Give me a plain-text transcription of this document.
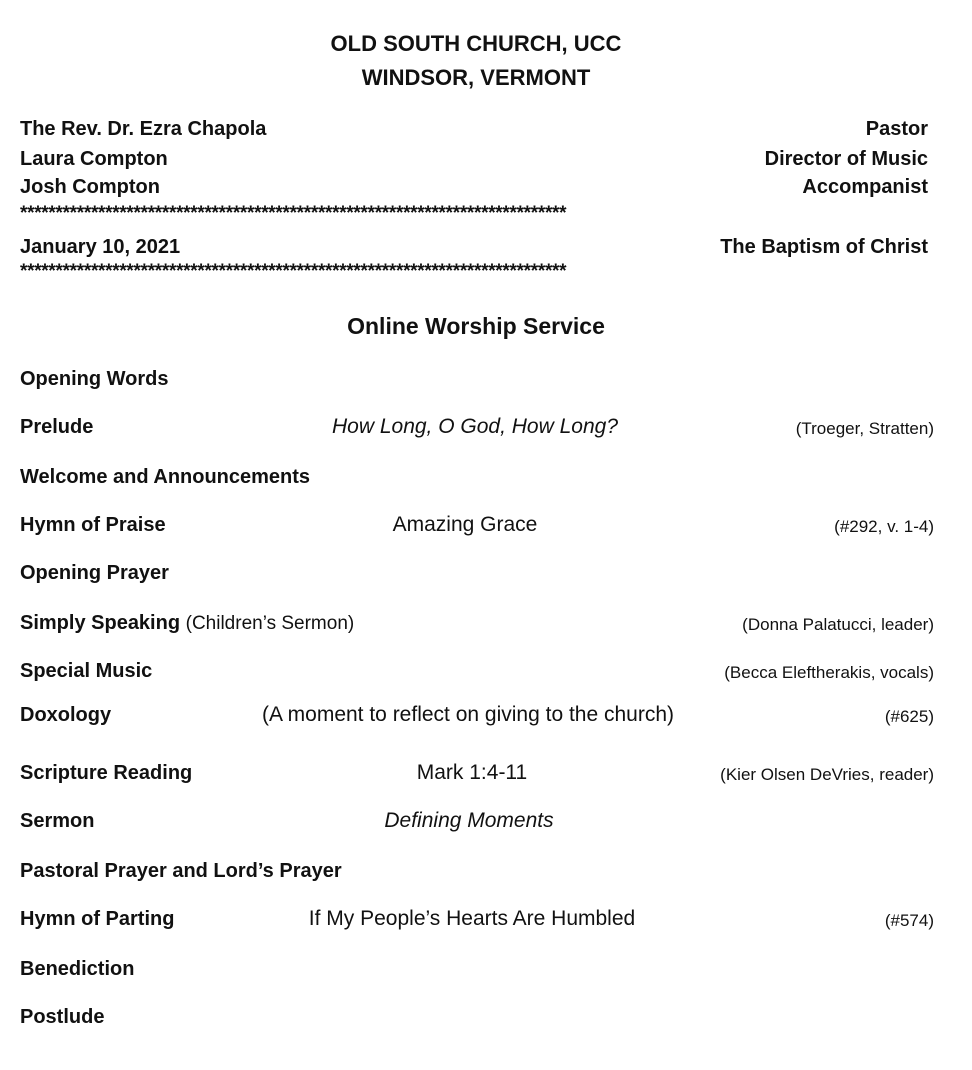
OLD SOUTH CHURCH, UCC
WINDSOR, VERMONT
The Rev. Dr. Ezra Chapola	Pastor
Laura Compton	Director of Music
Josh Compton	Accompanist
*****************************************************************************
January 10, 2021	The Baptism of Christ
*****************************************************************************
Online Worship Service
Opening Words
Prelude	How Long, O God, How Long?	(Troeger, Stratten)
Welcome and Announcements
Hymn of Praise	Amazing Grace	(#292, v. 1-4)
Opening Prayer
Simply Speaking (Children’s Sermon)	(Donna Palatucci, leader)
Special Music	(Becca Eleftherakis, vocals)
Doxology	(A moment to reflect on giving to the church)	(#625)
Scripture Reading	Mark 1:4-11	(Kier Olsen DeVries, reader)
Sermon	Defining Moments
Pastoral Prayer and Lord’s Prayer
Hymn of Parting	If My People’s Hearts Are Humbled	(#574)
Benediction
Postlude
